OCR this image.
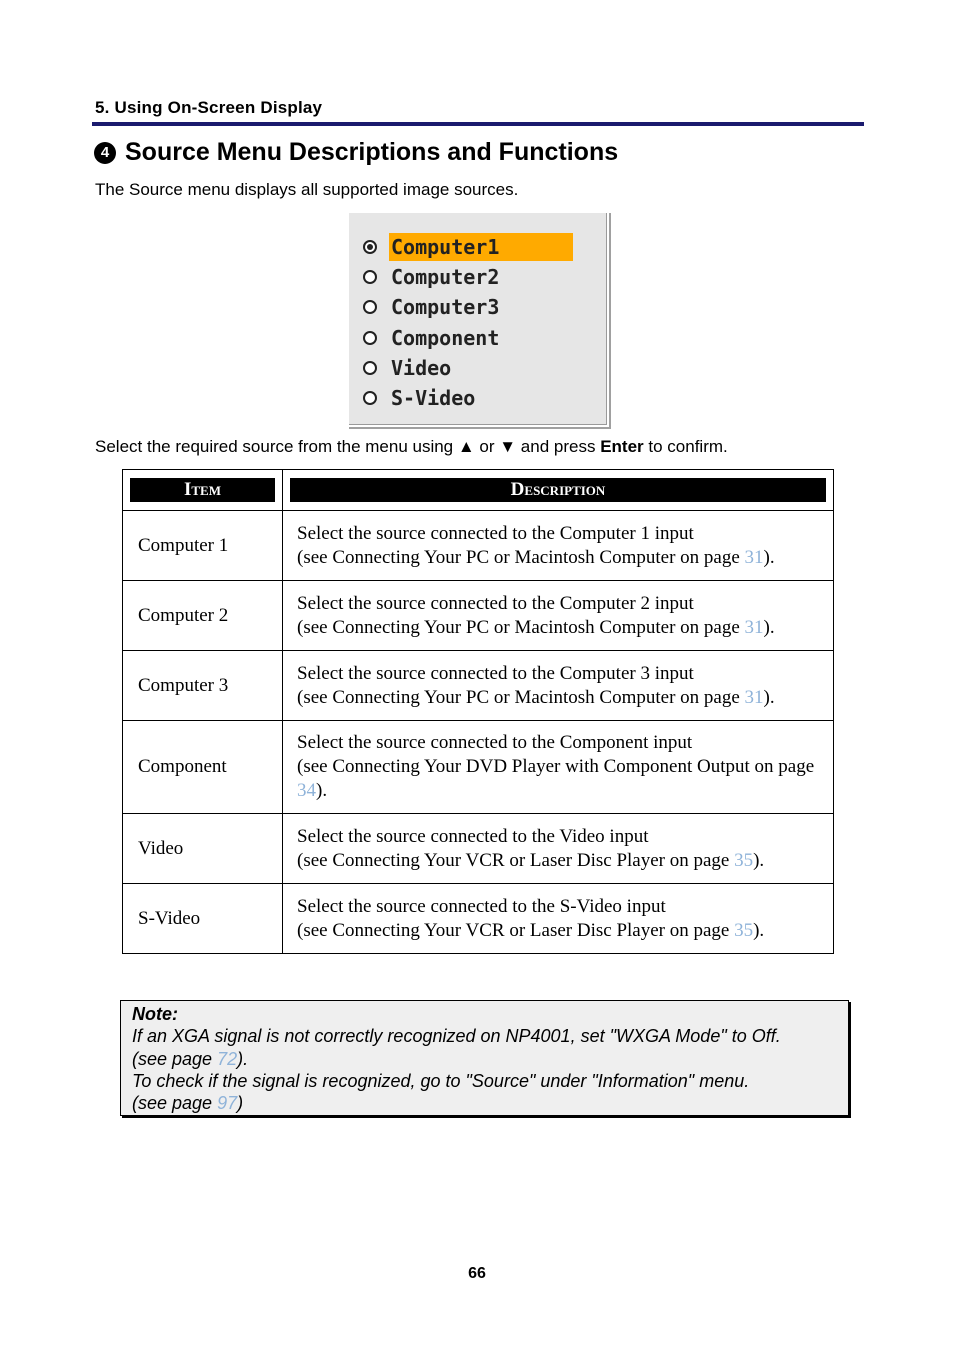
5. Using On-Screen Display
4 Source Menu Descriptions and Functions
The Source menu displays all supported image sources.
Computer1
Computer2
Computer3
Component
Video
S-Video
Select the required source from the menu using ▲ or ▼ and press Enter to confirm.
Item	Description

Computer 1	Select the source connected to the Computer 1 input
(see Connecting Your PC or Macintosh Computer on page 31).
Computer 2	Select the source connected to the Computer 2 input
(see Connecting Your PC or Macintosh Computer on page 31).
Computer 3	Select the source connected to the Computer 3 input
(see Connecting Your PC or Macintosh Computer on page 31).
Component	Select the source connected to the Component input
(see Connecting Your DVD Player with Component Output on page 34).
Video	Select the source connected to the Video input
(see Connecting Your VCR or Laser Disc Player on page 35).
S-Video	Select the source connected to the S-Video input
(see Connecting Your VCR or Laser Disc Player on page 35).
Note:
If an XGA signal is not correctly recognized on NP4001, set "WXGA Mode" to Off.
(see page 72).
To check if the signal is recognized, go to "Source" under "Information" menu.
(see page 97)
66
